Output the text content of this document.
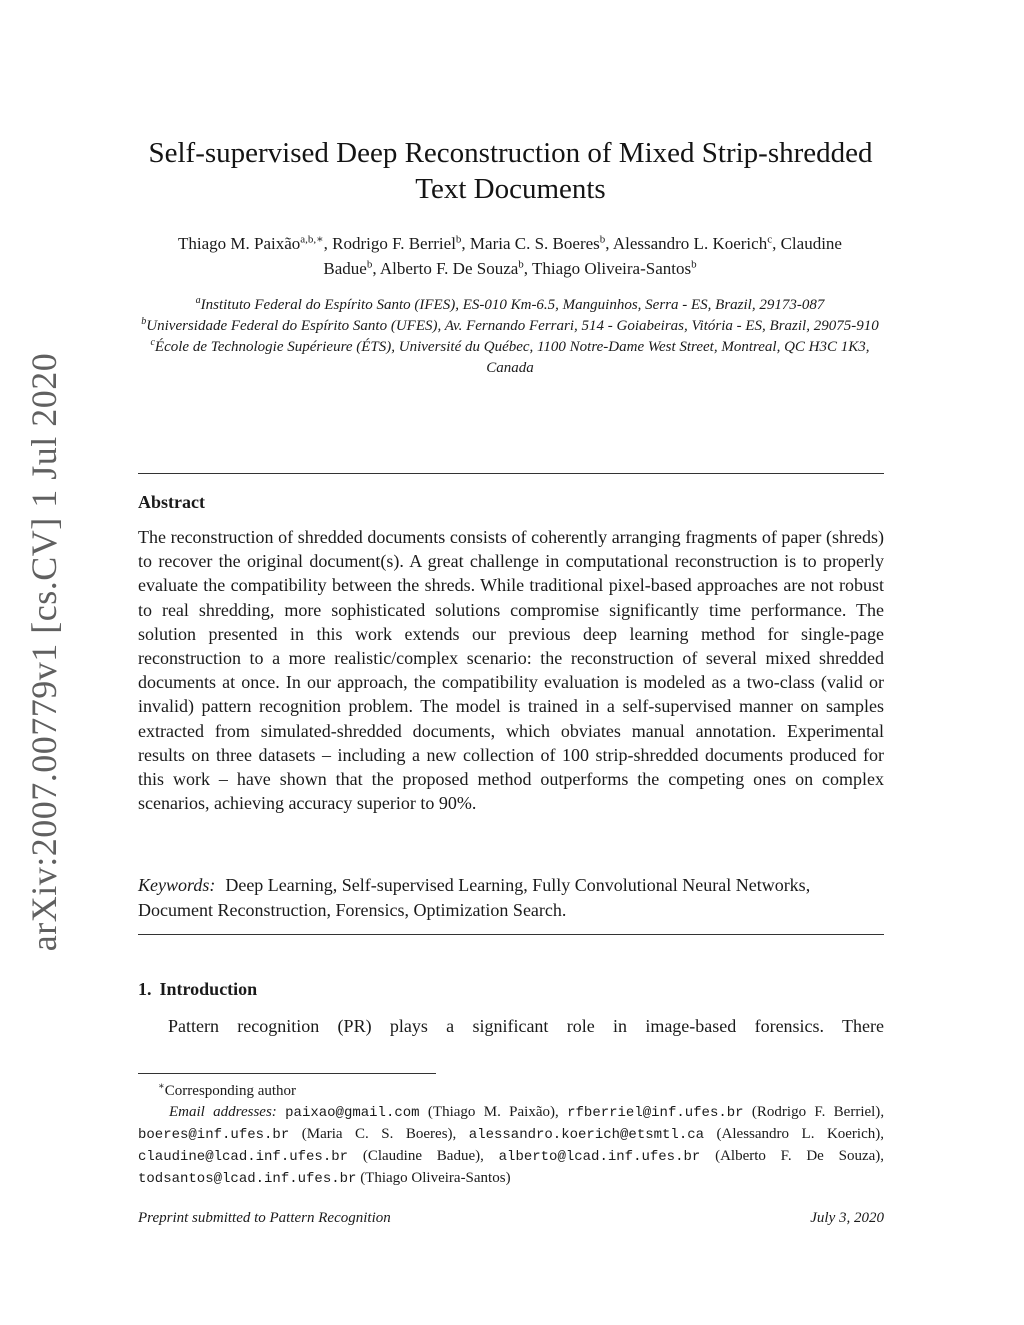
arXiv:2007.00779v1 [cs.CV] 1 Jul 2020
Self-supervised Deep Reconstruction of Mixed Strip-shredded
Text Documents
Thiago M. Paixão$^{a,b,∗}$, Rodrigo F. Berriel$^b$, Maria C. S. Boeres$^b$, Alessandro L. Koerich$^c$, Claudine Badue$^b$, Alberto F. De Souza$^b$, Thiago Oliveira-Santos$^b$
$^a$Instituto Federal do Espírito Santo (IFES), ES-010 Km-6.5, Manguinhos, Serra - ES, Brazil, 29173-087
$^b$Universidade Federal do Espírito Santo (UFES), Av. Fernando Ferrari, 514 - Goiabeiras, Vitória - ES, Brazil, 29075-910
$^c$École de Technologie Supérieure (ÉTS), Université du Québec, 1100 Notre-Dame West Street, Montreal, QC H3C 1K3, Canada
Abstract
The reconstruction of shredded documents consists of coherently arranging fragments of paper (shreds) to recover the original document(s). A great challenge in computational reconstruction is to properly evaluate the compatibility between the shreds. While traditional pixel-based approaches are not robust to real shredding, more sophisticated solutions compromise significantly time performance. The solution presented in this work extends our previous deep learning method for single-page reconstruction to a more realistic/complex scenario: the reconstruction of several mixed shredded documents at once. In our approach, the compatibility evaluation is modeled as a two-class (valid or invalid) pattern recognition problem. The model is trained in a self-supervised manner on samples extracted from simulated-shredded documents, which obviates manual annotation. Experimental results on three datasets – including a new collection of 100 strip-shredded documents produced for this work – have shown that the proposed method outperforms the competing ones on complex scenarios, achieving accuracy superior to 90%.
Keywords: Deep Learning, Self-supervised Learning, Fully Convolutional Neural Networks, Document Reconstruction, Forensics, Optimization Search.
1. Introduction
Pattern recognition (PR) plays a significant role in image-based forensics. There
∗Corresponding author
Email addresses: paixao@gmail.com (Thiago M. Paixão), rfberriel@inf.ufes.br (Rodrigo F. Berriel), boeres@inf.ufes.br (Maria C. S. Boeres), alessandro.koerich@etsmtl.ca (Alessandro L. Koerich), claudine@lcad.inf.ufes.br (Claudine Badue), alberto@lcad.inf.ufes.br (Alberto F. De Souza), todsantos@lcad.inf.ufes.br (Thiago Oliveira-Santos)
Preprint submitted to Pattern Recognition	July 3, 2020
